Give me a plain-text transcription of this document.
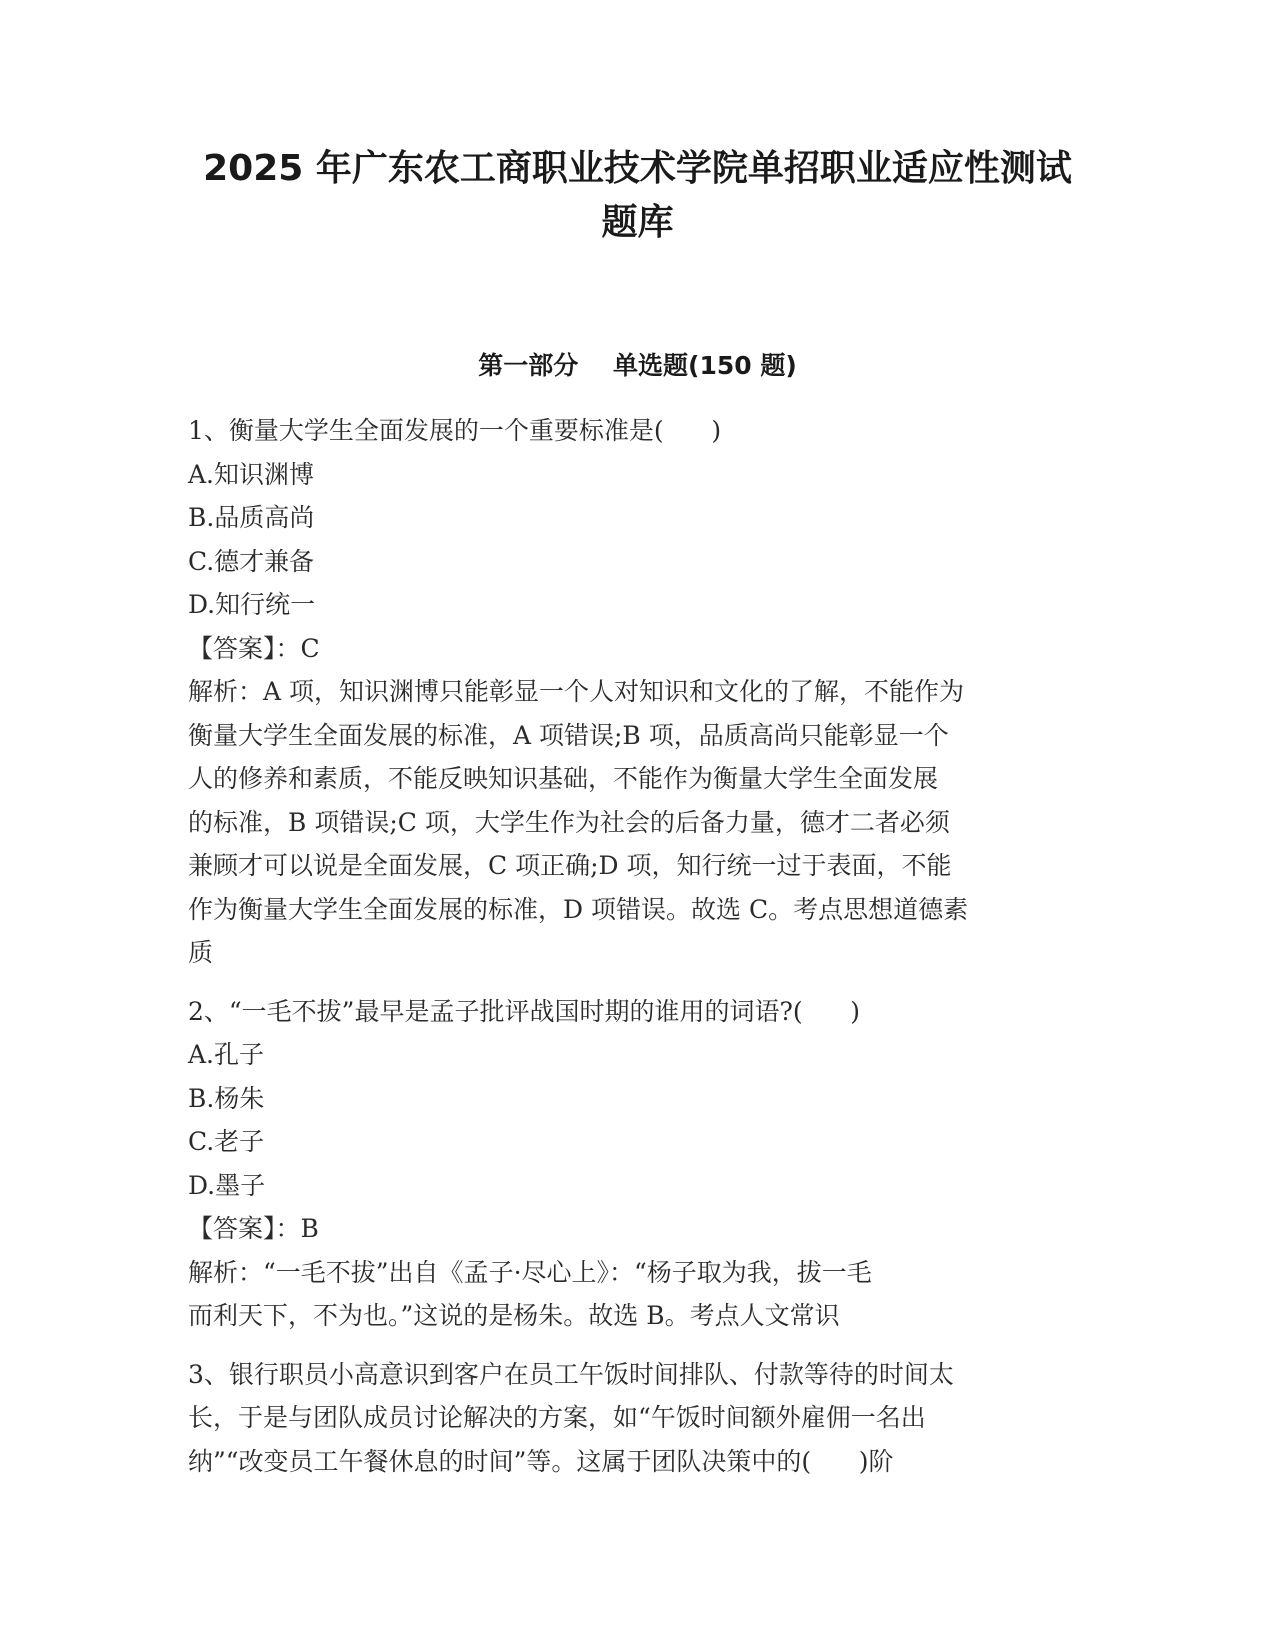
2025 年广东农工商职业技术学院单招职业适应性测试
题库
第一部分    单选题(150 题)
1、衡量大学生全面发展的一个重要标准是(      )
A.知识渊博
B.品质高尚
C.德才兼备
D.知行统一
【答案】：C
解析：A 项，知识渊博只能彰显一个人对知识和文化的了解，不能作为
衡量大学生全面发展的标准，A 项错误;B 项，品质高尚只能彰显一个
人的修养和素质，不能反映知识基础，不能作为衡量大学生全面发展
的标准，B 项错误;C 项，大学生作为社会的后备力量，德才二者必须
兼顾才可以说是全面发展，C 项正确;D 项，知行统一过于表面，不能
作为衡量大学生全面发展的标准，D 项错误。故选 C。考点思想道德素
质
2、“一毛不拔”最早是孟子批评战国时期的谁用的词语?(      )
A.孔子
B.杨朱
C.老子
D.墨子
【答案】：B
解析：“一毛不拔”出自《孟子·尽心上》：“杨子取为我，拔一毛
而利天下，不为也。”这说的是杨朱。故选 B。考点人文常识
3、银行职员小高意识到客户在员工午饭时间排队、付款等待的时间太
长，于是与团队成员讨论解决的方案，如“午饭时间额外雇佣一名出
纳”“改变员工午餐休息的时间”等。这属于团队决策中的(      )阶
